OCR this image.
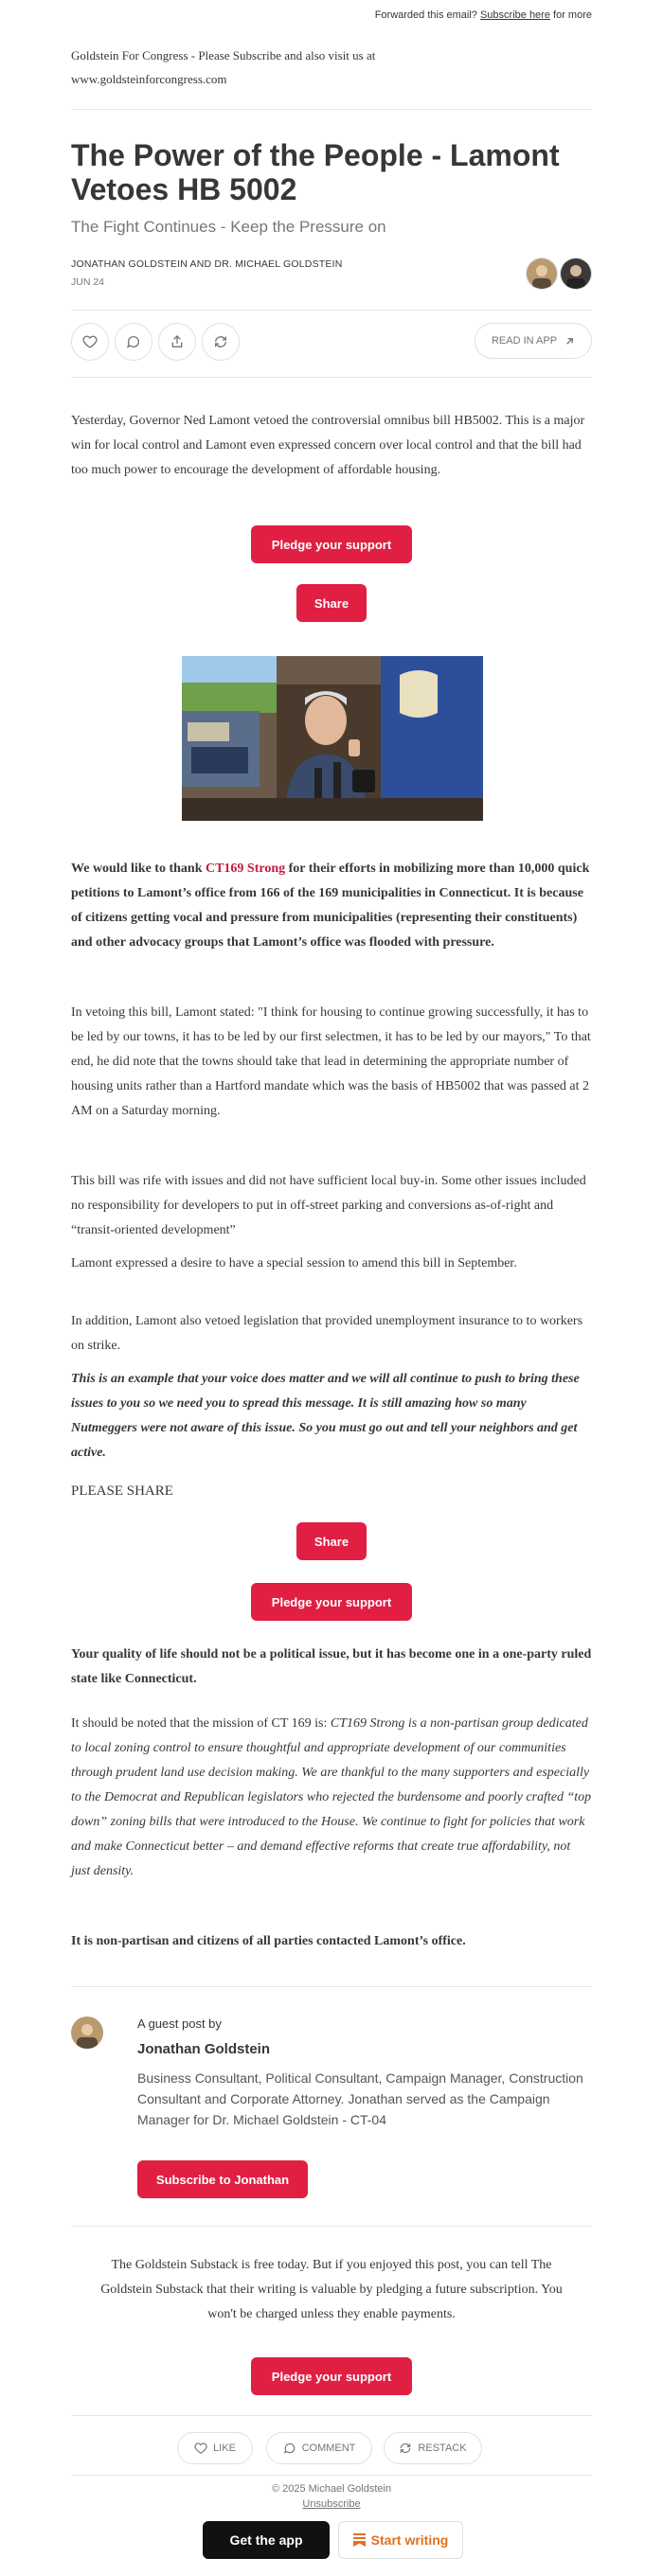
Forwarded this email? Subscribe here for more
Goldstein For Congress - Please Subscribe and also visit us at
www.goldsteinforcongress.com
The Power of the People - Lamont Vetoes HB 5002
The Fight Continues - Keep the Pressure on
JONATHAN GOLDSTEIN AND DR. MICHAEL GOLDSTEIN
JUN 24
READ IN APP

Yesterday, Governor Ned Lamont vetoed the controversial omnibus bill HB5002. This is a major win for local control and Lamont even expressed concern over local control and that the bill had too much power to encourage the development of affordable housing.

Pledge your support
Share

We would like to thank CT169 Strong for their efforts in mobilizing more than 10,000 quick petitions to Lamont’s office from 166 of the 169 municipalities in Connecticut. It is because of citizens getting vocal and pressure from municipalities (representing their constituents) and other advocacy groups that Lamont’s office was flooded with pressure.

In vetoing this bill, Lamont stated: "I think for housing to continue growing successfully, it has to be led by our towns, it has to be led by our first selectmen, it has to be led by our mayors," To that end, he did note that the towns should take that lead in determining the appropriate number of housing units rather than a Hartford mandate which was the basis of HB5002 that was passed at 2 AM on a Saturday morning.

This bill was rife with issues and did not have sufficient local buy-in. Some other issues included no responsibility for developers to put in off-street parking and conversions as-of-right and “transit-oriented development”

Lamont expressed a desire to have a special session to amend this bill in September.

In addition, Lamont also vetoed legislation that provided unemployment insurance to to workers on strike.

This is an example that your voice does matter and we will all continue to push to bring these issues to you so we need you to spread this message. It is still amazing how so many Nutmeggers were not aware of this issue. So you must go out and tell your neighbors and get active.

PLEASE SHARE

Share
Pledge your support

Your quality of life should not be a political issue, but it has become one in a one-party ruled state like Connecticut.

It should be noted that the mission of CT 169 is: CT169 Strong is a non-partisan group dedicated to local zoning control to ensure thoughtful and appropriate development of our communities through prudent land use decision making. We are thankful to the many supporters and especially to the Democrat and Republican legislators who rejected the burdensome and poorly crafted “top down” zoning bills that were introduced to the House. We continue to fight for policies that work and make Connecticut better – and demand effective reforms that create true affordability, not just density.

It is non-partisan and citizens of all parties contacted Lamont’s office.

A guest post by
Jonathan Goldstein
Business Consultant, Political Consultant, Campaign Manager, Construction Consultant and Corporate Attorney. Jonathan served as the Campaign Manager for Dr. Michael Goldstein - CT-04
Subscribe to Jonathan
The Goldstein Substack is free today. But if you enjoyed this post, you can tell The Goldstein Substack that their writing is valuable by pledging a future subscription. You won't be charged unless they enable payments.
Pledge your support
LIKE	COMMENT	RESTACK
© 2025 Michael Goldstein
Unsubscribe
Get the app	Start writing
